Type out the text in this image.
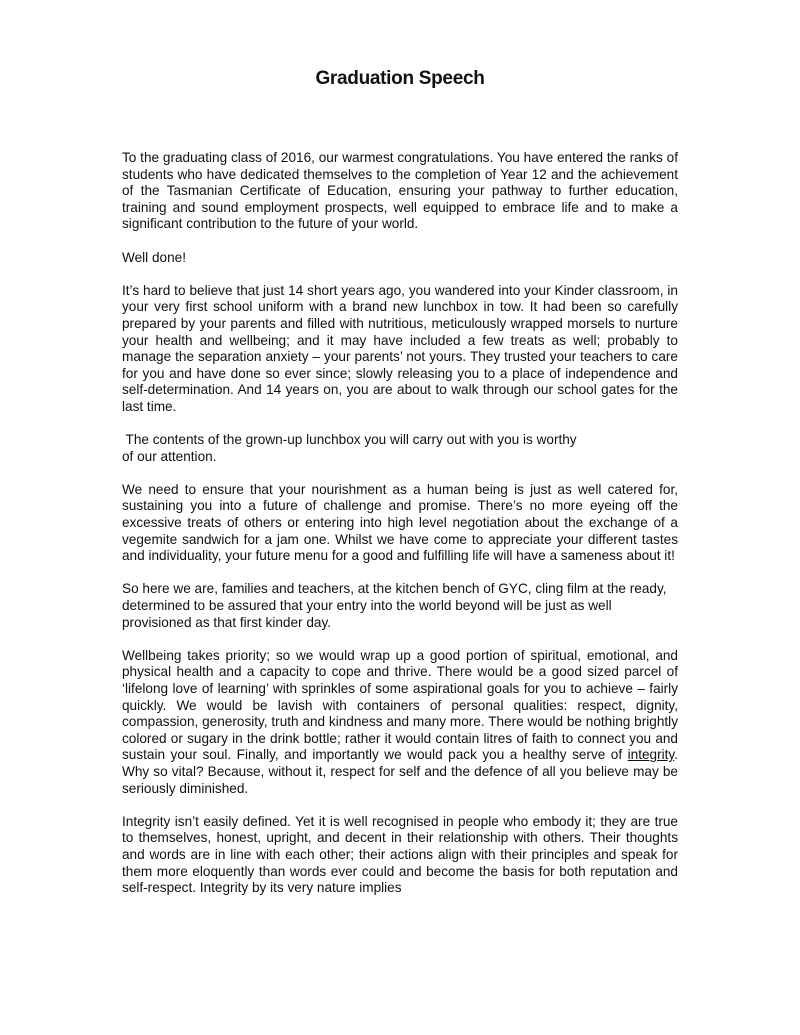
Graduation Speech

To the graduating class of 2016, our warmest congratulations. You have entered the ranks of students who have dedicated themselves to the completion of Year 12 and the achievement of the Tasmanian Certificate of Education, ensuring your pathway to further education, training and sound employment prospects, well equipped to embrace life and to make a significant contribution to the future of your world.

Well done!

It’s hard to believe that just 14 short years ago, you wandered into your Kinder classroom, in your very first school uniform with a brand new lunchbox in tow. It had been so carefully prepared by your parents and filled with nutritious, meticulously wrapped morsels to nurture your health and wellbeing; and it may have included a few treats as well; probably to manage the separation anxiety – your parents’ not yours. They trusted your teachers to care for you and have done so ever since; slowly releasing you to a place of independence and self-determination. And 14 years on, you are about to walk through our school gates for the last time.

The contents of the grown-up lunchbox you will carry out with you is worthy
of our attention.

We need to ensure that your nourishment as a human being is just as well catered for, sustaining you into a future of challenge and promise. There’s no more eyeing off the excessive treats of others or entering into high level negotiation about the exchange of a vegemite sandwich for a jam one. Whilst we have come to appreciate your different tastes and individuality, your future menu for a good and fulfilling life will have a sameness about it!

So here we are, families and teachers, at the kitchen bench of GYC, cling film at the ready, determined to be assured that your entry into the world beyond will be just as well provisioned as that first kinder day.

Wellbeing takes priority; so we would wrap up a good portion of spiritual, emotional, and physical health and a capacity to cope and thrive. There would be a good sized parcel of ‘lifelong love of learning’ with sprinkles of some aspirational goals for you to achieve – fairly quickly. We would be lavish with containers of personal qualities: respect, dignity, compassion, generosity, truth and kindness and many more. There would be nothing brightly colored or sugary in the drink bottle; rather it would contain litres of faith to connect you and sustain your soul. Finally, and importantly we would pack you a healthy serve of integrity. Why so vital? Because, without it, respect for self and the defence of all you believe may be seriously diminished.

Integrity isn’t easily defined. Yet it is well recognised in people who embody it; they are true to themselves, honest, upright, and decent in their relationship with others. Their thoughts and words are in line with each other; their actions align with their principles and speak for them more eloquently than words ever could and become the basis for both reputation and self-respect. Integrity by its very nature implies
